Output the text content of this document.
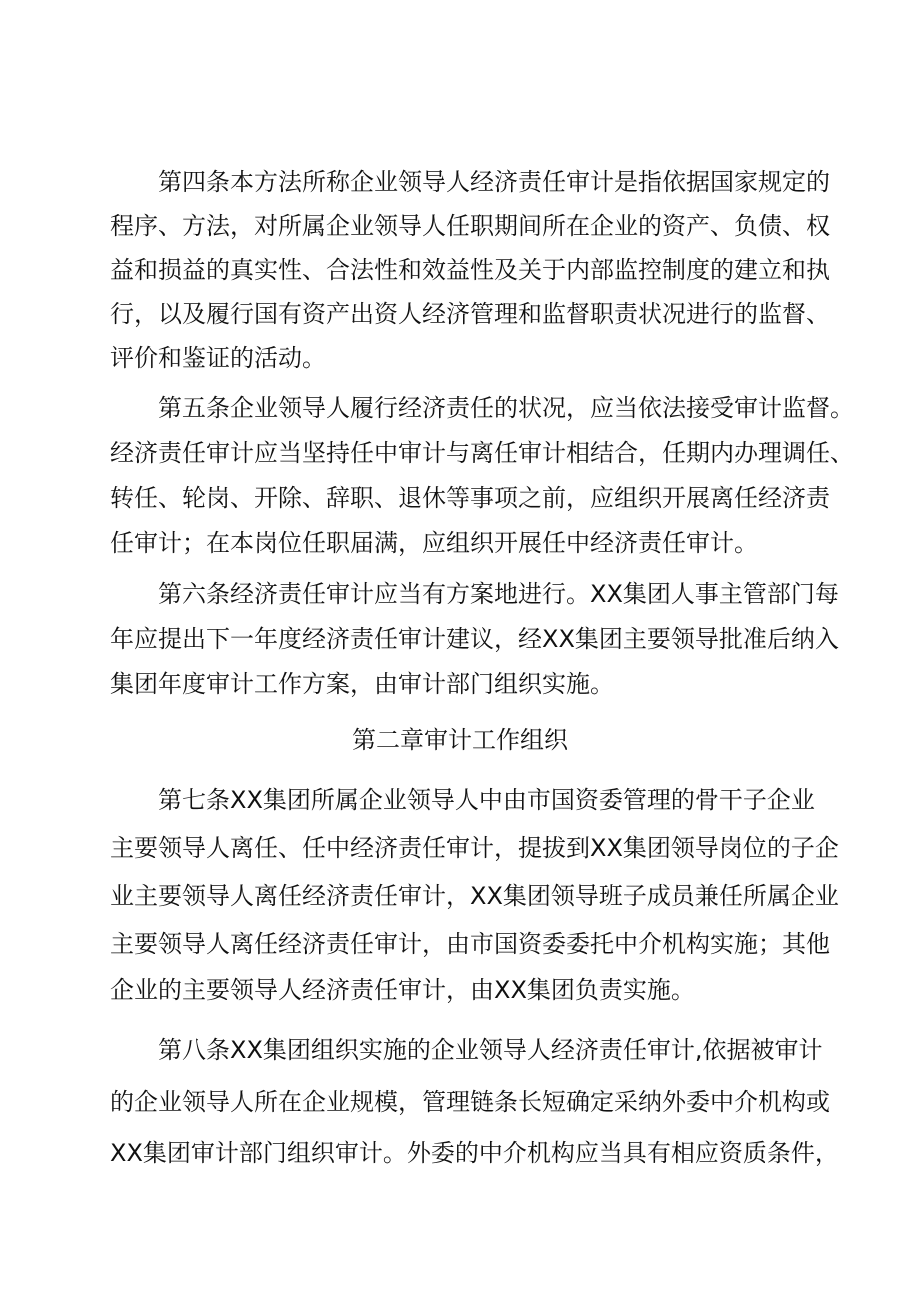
第四条本方法所称企业领导人经济责任审计是指依据国家规定的
程序、方法，对所属企业领导人任职期间所在企业的资产、负债、权
益和损益的真实性、合法性和效益性及关于内部监控制度的建立和执
行，以及履行国有资产出资人经济管理和监督职责状况进行的监督、
评价和鉴证的活动。
第五条企业领导人履行经济责任的状况，应当依法接受审计监督。
经济责任审计应当坚持任中审计与离任审计相结合，任期内办理调任、
转任、轮岗、开除、辞职、退休等事项之前，应组织开展离任经济责
任审计；在本岗位任职届满，应组织开展任中经济责任审计。
第六条经济责任审计应当有方案地进行。XX集团人事主管部门每
年应提出下一年度经济责任审计建议，经XX集团主要领导批准后纳入
集团年度审计工作方案，由审计部门组织实施。
第二章审计工作组织
第七条XX集团所属企业领导人中由市国资委管理的骨干子企业
主要领导人离任、任中经济责任审计，提拔到XX集团领导岗位的子企
业主要领导人离任经济责任审计，XX集团领导班子成员兼任所属企业
主要领导人离任经济责任审计，由市国资委委托中介机构实施；其他
企业的主要领导人经济责任审计，由XX集团负责实施。
第八条XX集团组织实施的企业领导人经济责任审计,依据被审计
的企业领导人所在企业规模，管理链条长短确定采纳外委中介机构或
XX集团审计部门组织审计。外委的中介机构应当具有相应资质条件，
